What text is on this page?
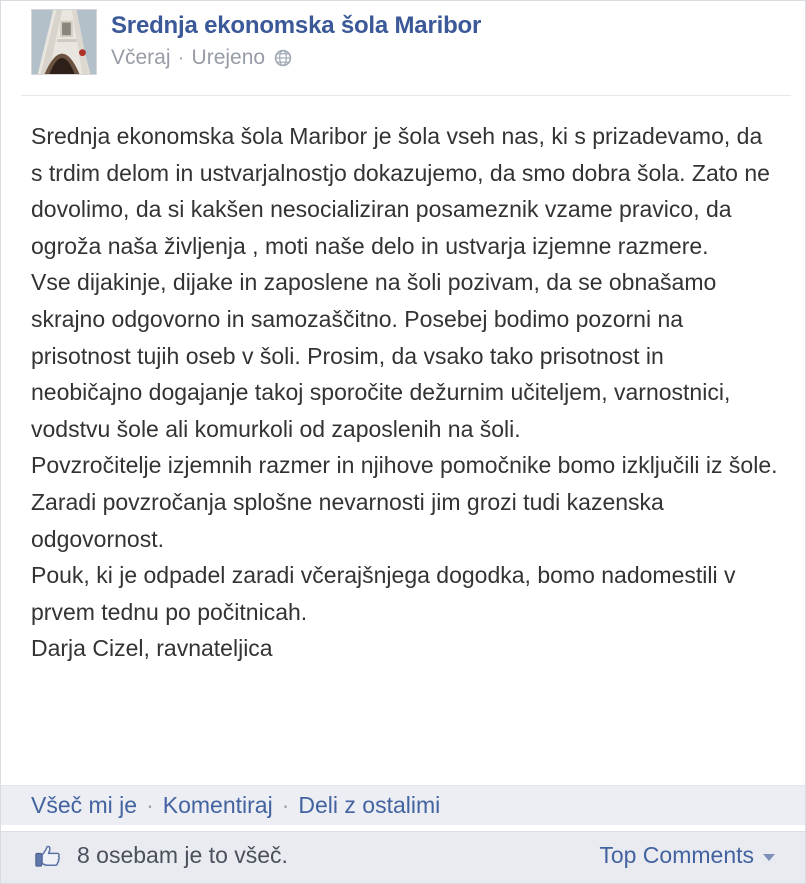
Srednja ekonomska šola Maribor
Včeraj · Urejeno

Srednja ekonomska šola Maribor je šola vseh nas, ki s prizadevamo, da s trdim delom in ustvarjalnostjo dokazujemo, da smo dobra šola. Zato ne dovolimo, da si kakšen nesocializiran posameznik vzame pravico, da ogroža naša življenja , moti naše delo in ustvarja izjemne razmere.

Vse dijakinje, dijake in zaposlene na šoli pozivam, da se obnašamo skrajno odgovorno in samozaščitno. Posebej bodimo pozorni na prisotnost tujih oseb v šoli. Prosim, da vsako tako prisotnost in neobičajno dogajanje takoj sporočite dežurnim učiteljem, varnostnici, vodstvu šole ali komurkoli od zaposlenih na šoli.

Povzročitelje izjemnih razmer in njihove pomočnike bomo izključili iz šole. Zaradi povzročanja splošne nevarnosti jim grozi tudi kazenska odgovornost.

Pouk, ki je odpadel zaradi včerajšnjega dogodka, bomo nadomestili v prvem tednu po počitnicah.

Darja Cizel, ravnateljica

Všeč mi je · Komentiraj · Deli z ostalimi
8 osebam je to všeč.	Top Comments
